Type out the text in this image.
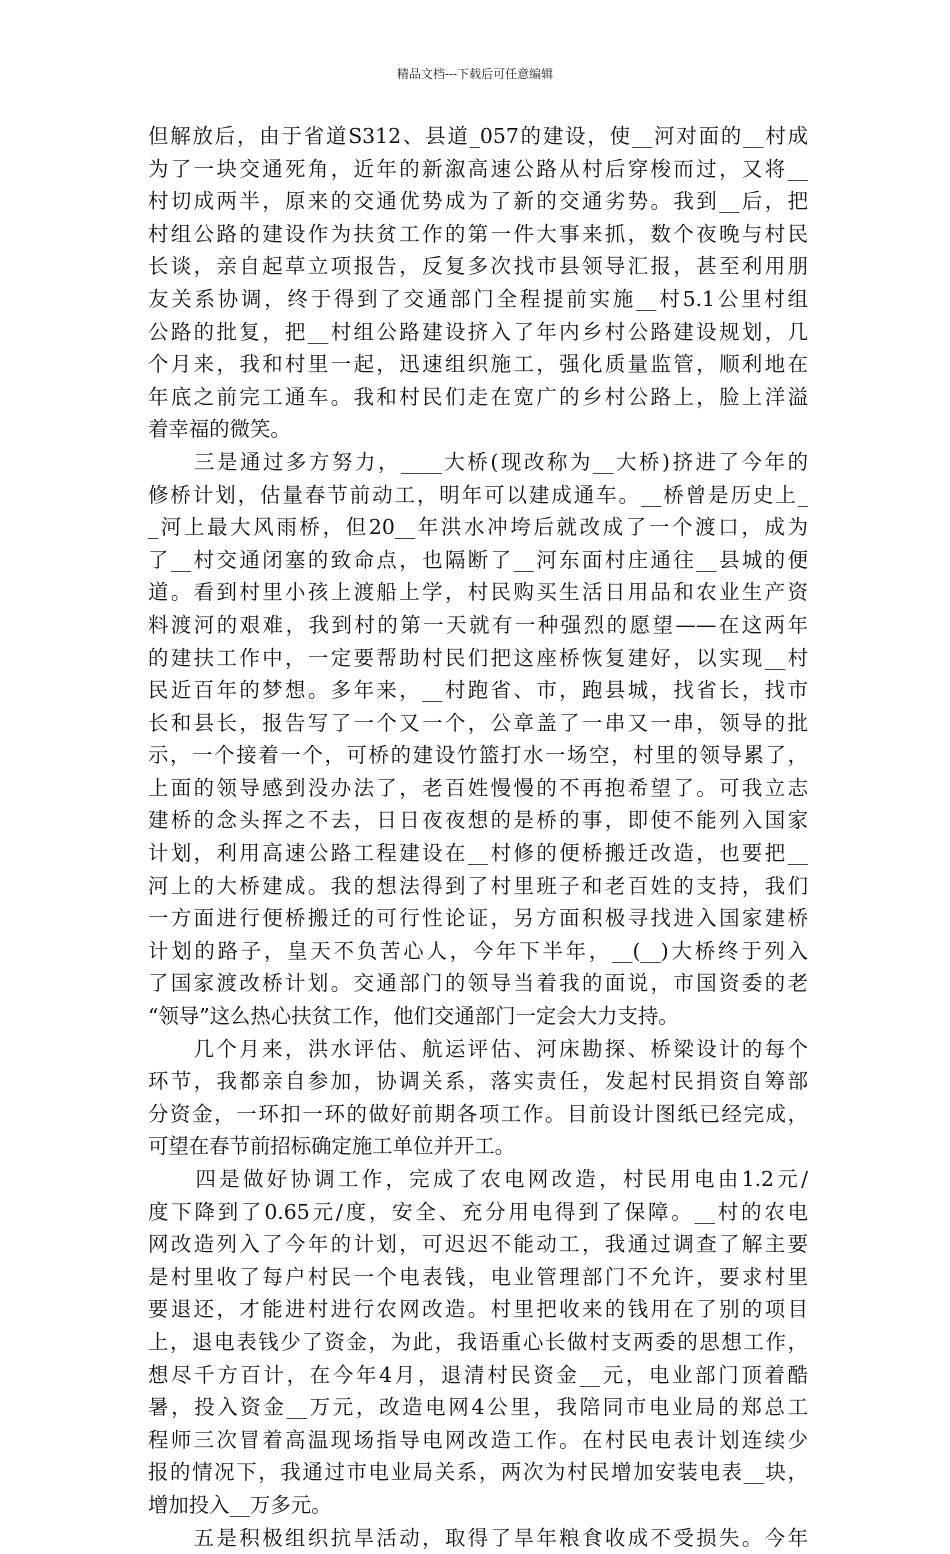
精品文档---下载后可任意编辑
但解放后，由于省道S312、县道_057的建设，使__河对面的__村成
为了一块交通死角，近年的新溆高速公路从村后穿梭而过，又将__
村切成两半，原来的交通优势成为了新的交通劣势。我到__后，把
村组公路的建设作为扶贫工作的第一件大事来抓，数个夜晚与村民
长谈，亲自起草立项报告，反复多次找市县领导汇报，甚至利用朋
友关系协调，终于得到了交通部门全程提前实施__村5.1公里村组
公路的批复，把__村组公路建设挤入了年内乡村公路建设规划，几
个月来，我和村里一起，迅速组织施工，强化质量监管，顺利地在
年底之前完工通车。我和村民们走在宽广的乡村公路上，脸上洋溢
着幸福的微笑。
　　三是通过多方努力，____大桥(现改称为__大桥)挤进了今年的
修桥计划，估量春节前动工，明年可以建成通车。__桥曾是历史上_
_河上最大风雨桥，但20__年洪水冲垮后就改成了一个渡口，成为
了__村交通闭塞的致命点，也隔断了__河东面村庄通往__县城的便
道。看到村里小孩上渡船上学，村民购买生活日用品和农业生产资
料渡河的艰难，我到村的第一天就有一种强烈的愿望——在这两年
的建扶工作中，一定要帮助村民们把这座桥恢复建好，以实现__村
民近百年的梦想。多年来，__村跑省、市，跑县城，找省长，找市
长和县长，报告写了一个又一个，公章盖了一串又一串，领导的批
示，一个接着一个，可桥的建设竹篮打水一场空，村里的领导累了，
上面的领导感到没办法了，老百姓慢慢的不再抱希望了。可我立志
建桥的念头挥之不去，日日夜夜想的是桥的事，即使不能列入国家
计划，利用高速公路工程建设在__村修的便桥搬迁改造，也要把__
河上的大桥建成。我的想法得到了村里班子和老百姓的支持，我们
一方面进行便桥搬迁的可行性论证，另方面积极寻找进入国家建桥
计划的路子，皇天不负苦心人，今年下半年，__(__)大桥终于列入
了国家渡改桥计划。交通部门的领导当着我的面说，市国资委的老
“领导”这么热心扶贫工作，他们交通部门一定会大力支持。
　　几个月来，洪水评估、航运评估、河床勘探、桥梁设计的每个
环节，我都亲自参加，协调关系，落实责任，发起村民捐资自筹部
分资金，一环扣一环的做好前期各项工作。目前设计图纸已经完成，
可望在春节前招标确定施工单位并开工。
　　四是做好协调工作，完成了农电网改造，村民用电由1.2元/
度下降到了0.65元/度，安全、充分用电得到了保障。__村的农电
网改造列入了今年的计划，可迟迟不能动工，我通过调查了解主要
是村里收了每户村民一个电表钱，电业管理部门不允许，要求村里
要退还，才能进村进行农网改造。村里把收来的钱用在了别的项目
上，退电表钱少了资金，为此，我语重心长做村支两委的思想工作，
想尽千方百计，在今年4月，退清村民资金__元，电业部门顶着酷
暑，投入资金__万元，改造电网4公里，我陪同市电业局的郑总工
程师三次冒着高温现场指导电网改造工作。在村民电表计划连续少
报的情况下，我通过市电业局关系，两次为村民增加安装电表__块，
增加投入__万多元。
　　五是积极组织抗旱活动，取得了旱年粮食收成不受损失。今年
